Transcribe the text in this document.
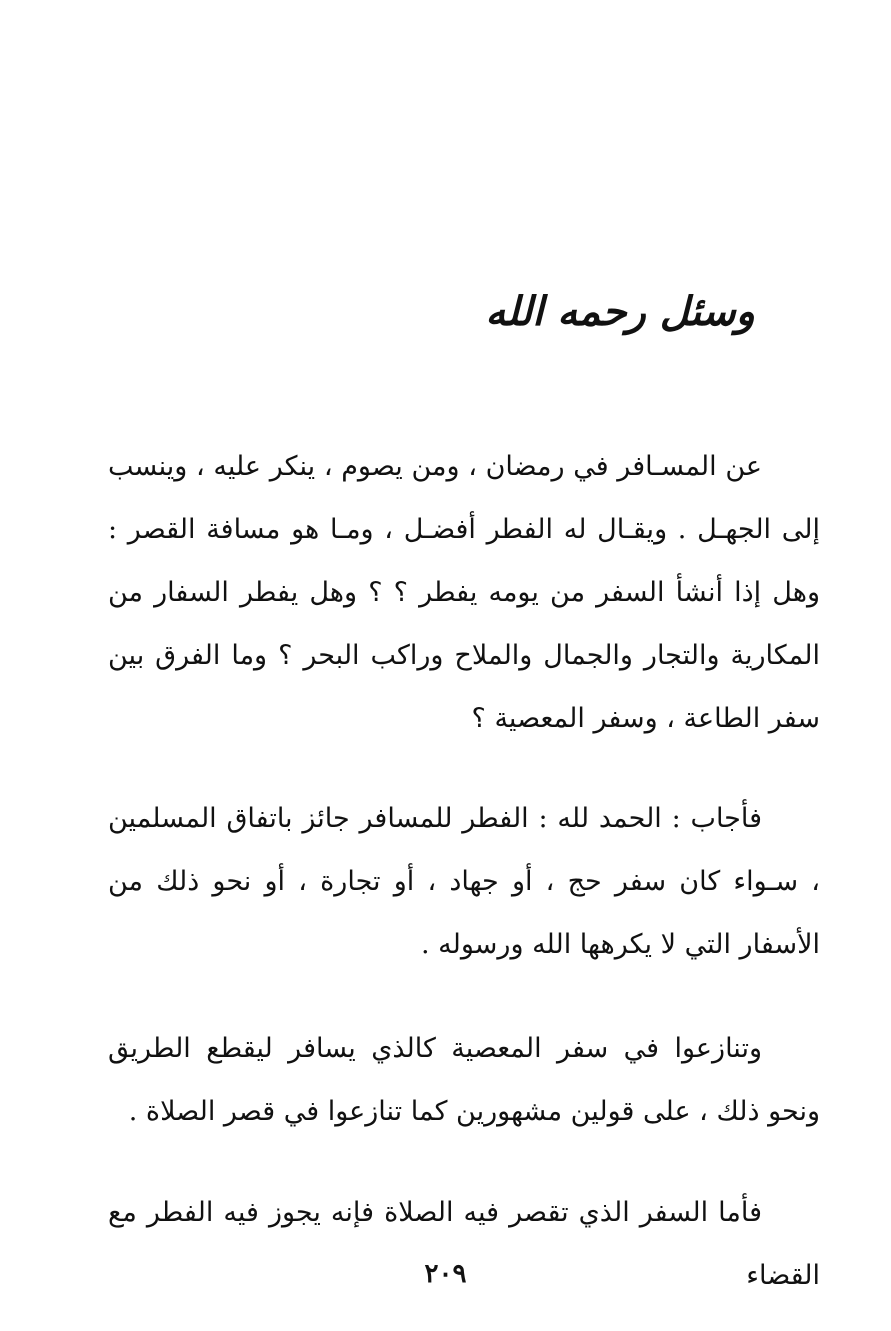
وسئل رحمه الله

عن المسـافر في رمضان ، ومن يصوم ، ينكر عليه ، وينسب إلى الجهـل . ويقـال له الفطر أفضـل ، ومـا هو مسافة القصر : وهل إذا أنشأ السفر من يومه يفطر ؟ ؟ وهل يفطر السفار من المكارية والتجار والجمال والملاح وراكب البحر ؟ وما الفرق بين سفر الطاعة ، وسفر المعصية ؟

فأجاب : الحمد لله : الفطر للمسافر جائز باتفاق المسلمين ، سـواء كان سفر حج ، أو جهاد ، أو تجارة ، أو نحو ذلك من الأسفار التي لا يكرهها الله ورسوله .

وتنازعوا في سفر المعصية كالذي يسافر ليقطع الطريق ونحو ذلك ، على قولين مشهورين كما تنازعوا في قصر الصلاة .

فأما السفر الذي تقصر فيه الصلاة فإنه يجوز فيه الفطر مع القضاء

٢٠٩
